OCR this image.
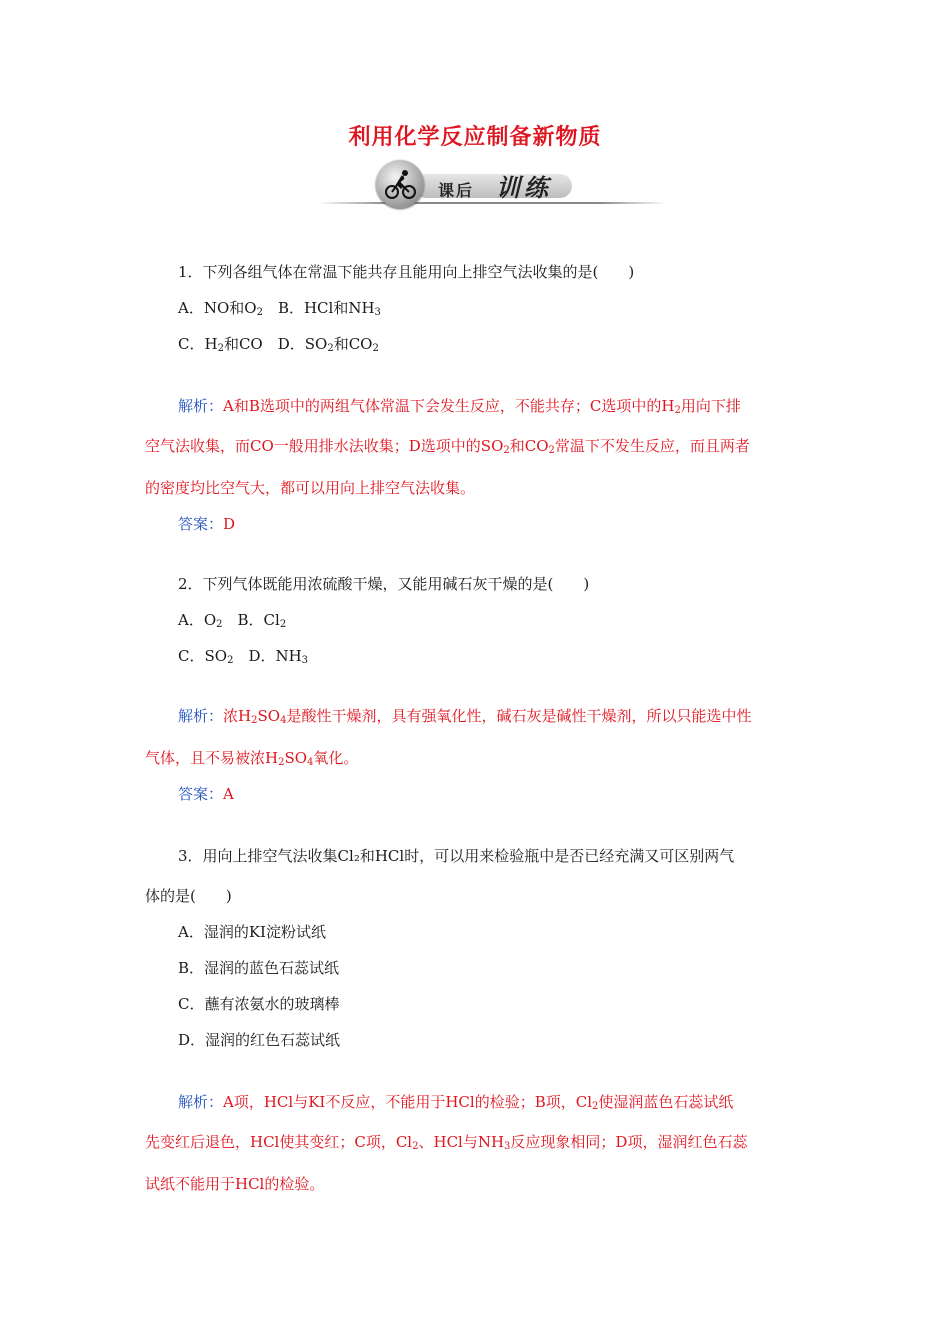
利用化学反应制备新物质
课后 训练
1．下列各组气体在常温下能共存且能用向上排空气法收集的是(　　)
A．NO和$O_2$　B．HCl和$NH_3$
C．$H_2$和CO　D．$SO_2$和$CO_2$
解析：A和B选项中的两组气体常温下会发生反应，不能共存；C选项中的$H_2$用向下排
空气法收集，而CO一般用排水法收集；D选项中的$SO_2$和$CO_2$常温下不发生反应，而且两者
的密度均比空气大，都可以用向上排空气法收集。
答案：D
2．下列气体既能用浓硫酸干燥，又能用碱石灰干燥的是(　　)
A．$O_2$　B．$Cl_2$
C．$SO_2$　D．$NH_3$
解析：浓$H_2SO_4$是酸性干燥剂，具有强氧化性，碱石灰是碱性干燥剂，所以只能选中性
气体，且不易被浓$H_2SO_4$氧化。
答案：A
3．用向上排空气法收集Cl₂和HCl时，可以用来检验瓶中是否已经充满又可区别两气
体的是(　　)
A．湿润的KI淀粉试纸
B．湿润的蓝色石蕊试纸
C．蘸有浓氨水的玻璃棒
D．湿润的红色石蕊试纸
解析：A项，HCl与KI不反应，不能用于HCl的检验；B项，$Cl_2$使湿润蓝色石蕊试纸
先变红后退色，HCl使其变红；C项，$Cl_2$、HCl与$NH_3$反应现象相同；D项，湿润红色石蕊
试纸不能用于HCl的检验。
